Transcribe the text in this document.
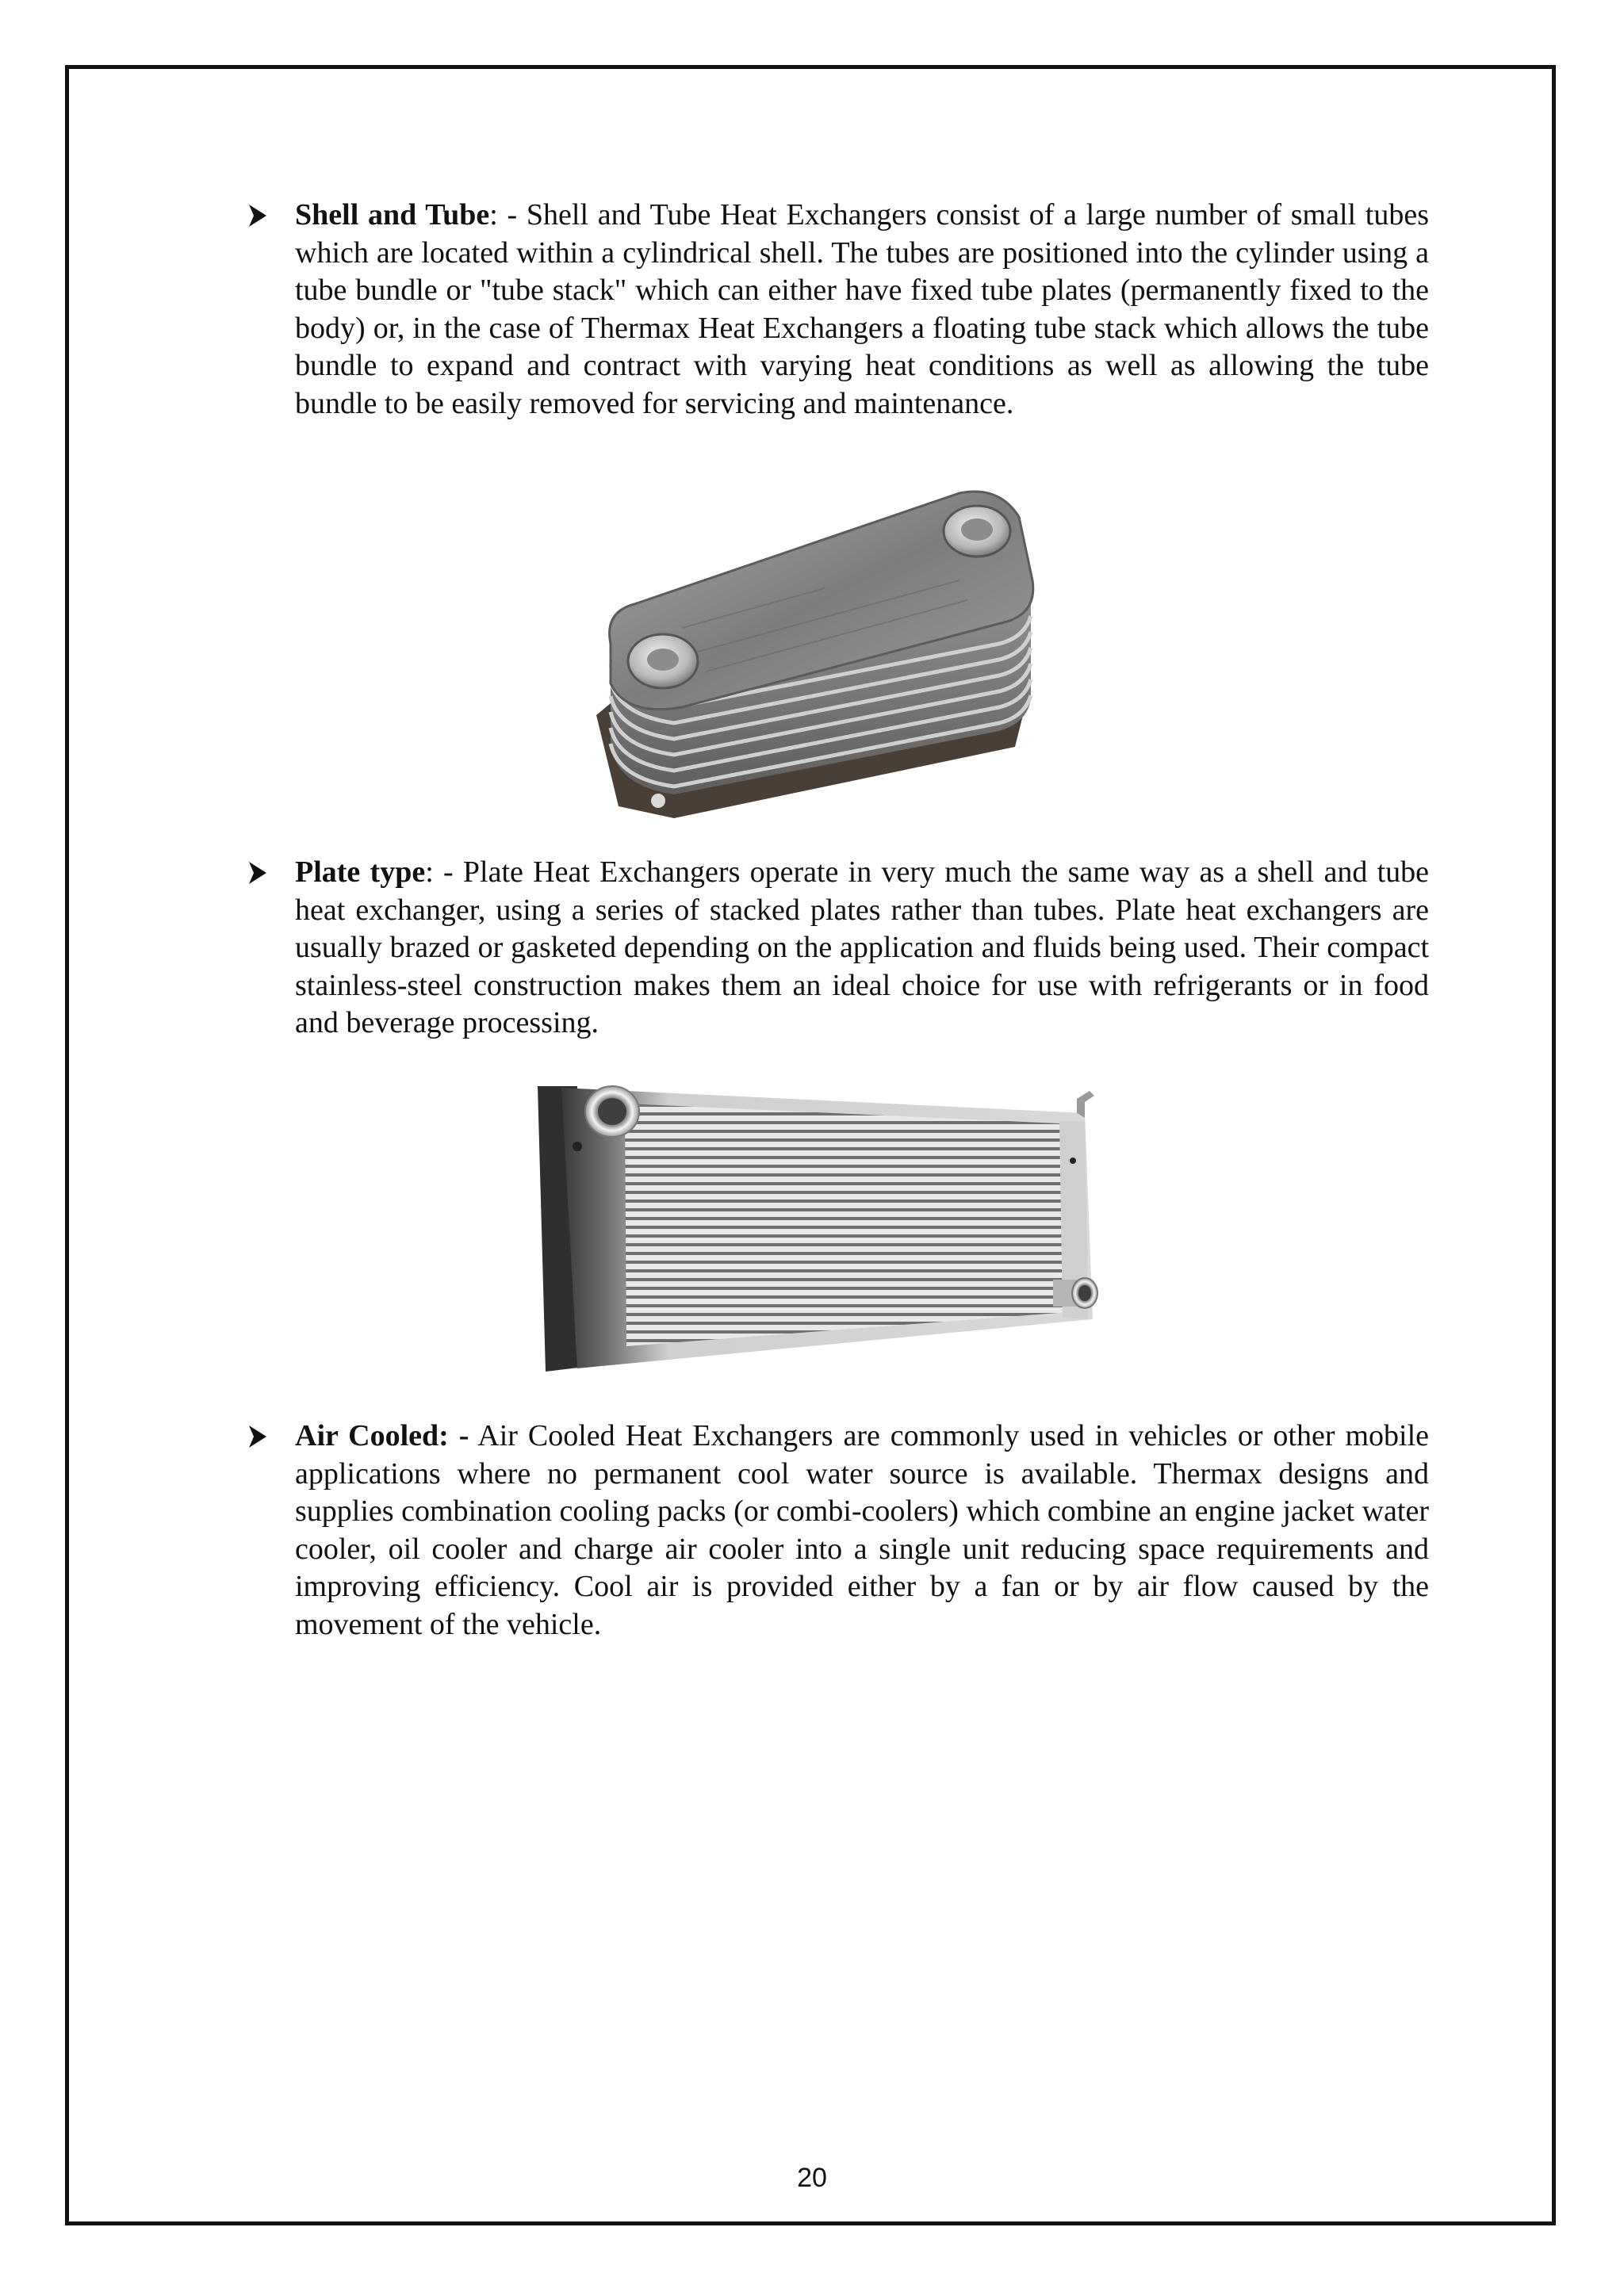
Shell and Tube: - Shell and Tube Heat Exchangers consist of a large number of small tubes which are located within a cylindrical shell. The tubes are positioned into the cylinder using a tube bundle or "tube stack" which can either have fixed tube plates (permanently fixed to the body) or, in the case of Thermax Heat Exchangers a floating tube stack which allows the tube bundle to expand and contract with varying heat conditions as well as allowing the tube bundle to be easily removed for servicing and maintenance.

Plate type: - Plate Heat Exchangers operate in very much the same way as a shell and tube heat exchanger, using a series of stacked plates rather than tubes. Plate heat exchangers are usually brazed or gasketed depending on the application and fluids being used. Their compact stainless-steel construction makes them an ideal choice for use with refrigerants or in food and beverage processing.

Air Cooled: - Air Cooled Heat Exchangers are commonly used in vehicles or other mobile applications where no permanent cool water source is available. Thermax designs and supplies combination cooling packs (or combi-coolers) which combine an engine jacket water cooler, oil cooler and charge air cooler into a single unit reducing space requirements and improving efficiency. Cool air is provided either by a fan or by air flow caused by the movement of the vehicle.

20
